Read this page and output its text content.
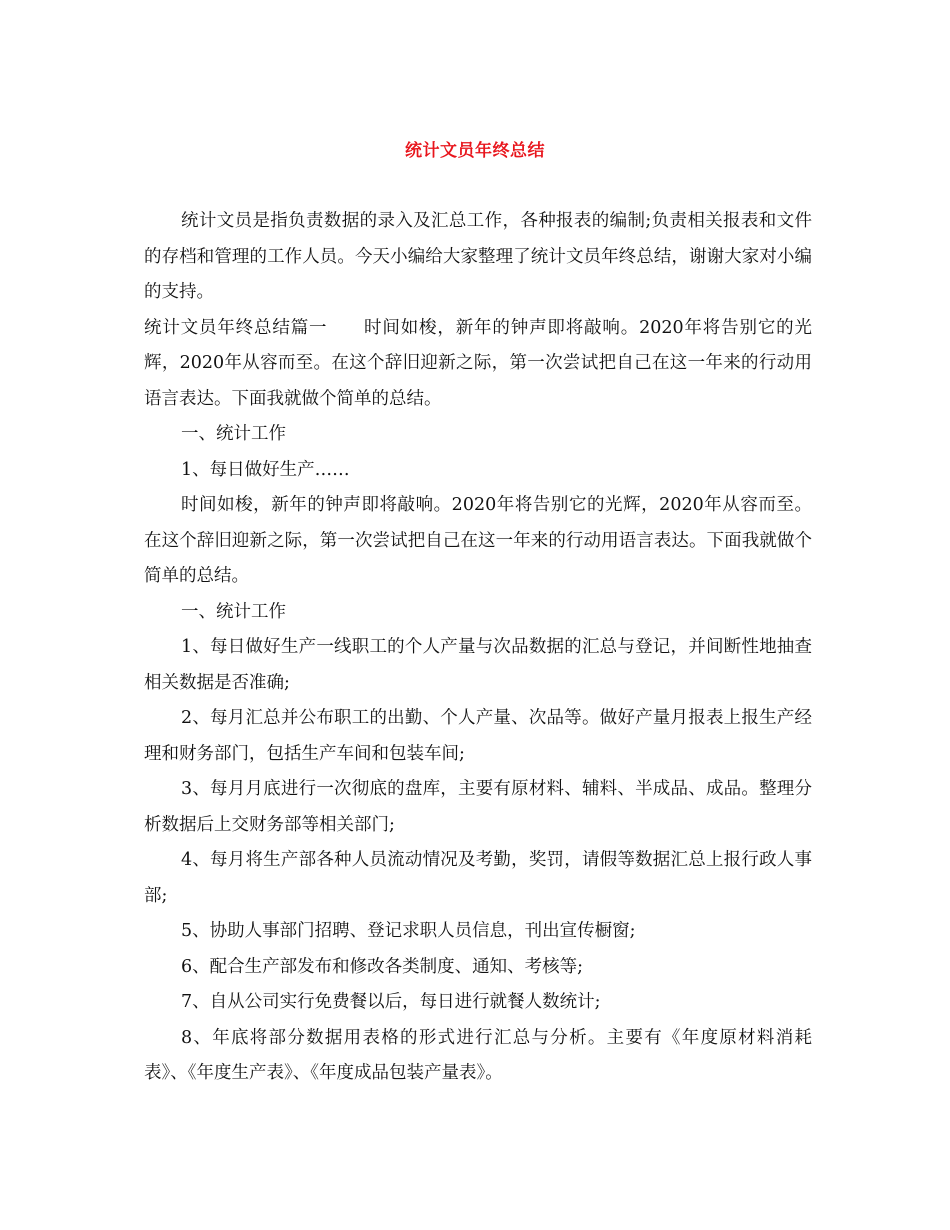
统计文员年终总结

统计文员是指负责数据的录入及汇总工作，各种报表的编制;负责相关报表和文件的存档和管理的工作人员。今天小编给大家整理了统计文员年终总结，谢谢大家对小编的支持。

统计文员年终总结篇一　　时间如梭，新年的钟声即将敲响。2020年将告别它的光辉，2020年从容而至。在这个辞旧迎新之际，第一次尝试把自己在这一年来的行动用语言表达。下面我就做个简单的总结。

一、统计工作

1、每日做好生产……

时间如梭，新年的钟声即将敲响。2020年将告别它的光辉，2020年从容而至。在这个辞旧迎新之际，第一次尝试把自己在这一年来的行动用语言表达。下面我就做个简单的总结。

一、统计工作

1、每日做好生产一线职工的个人产量与次品数据的汇总与登记，并间断性地抽查相关数据是否准确;

2、每月汇总并公布职工的出勤、个人产量、次品等。做好产量月报表上报生产经理和财务部门，包括生产车间和包装车间;

3、每月月底进行一次彻底的盘库，主要有原材料、辅料、半成品、成品。整理分析数据后上交财务部等相关部门;

4、每月将生产部各种人员流动情况及考勤，奖罚，请假等数据汇总上报行政人事部;

5、协助人事部门招聘、登记求职人员信息，刊出宣传橱窗;

6、配合生产部发布和修改各类制度、通知、考核等;

7、自从公司实行免费餐以后，每日进行就餐人数统计;

8、年底将部分数据用表格的形式进行汇总与分析。主要有《年度原材料消耗表》、《年度生产表》、《年度成品包装产量表》。
